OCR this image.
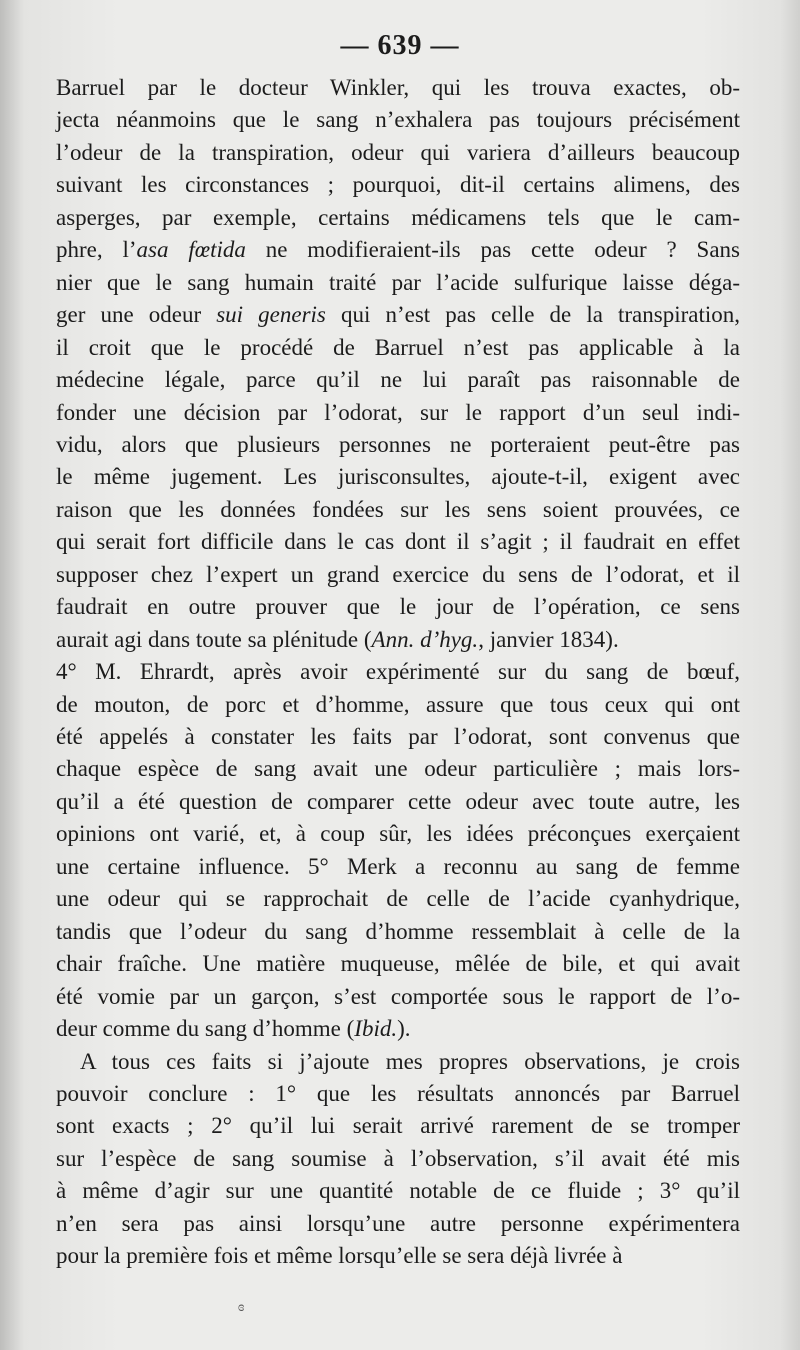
— 639 —
Barruel par le docteur Winkler, qui les trouva exactes, ob-
jecta néanmoins que le sang n’exhalera pas toujours précisément
l’odeur de la transpiration, odeur qui variera d’ailleurs beaucoup
suivant les circonstances ; pourquoi, dit-il certains alimens, des
asperges, par exemple, certains médicamens tels que le cam-
phre, l’asa fœtida ne modifieraient-ils pas cette odeur ? Sans
nier que le sang humain traité par l’acide sulfurique laisse déga-
ger une odeur sui generis qui n’est pas celle de la transpiration,
il croit que le procédé de Barruel n’est pas applicable à la
médecine légale, parce qu’il ne lui paraît pas raisonnable de
fonder une décision par l’odorat, sur le rapport d’un seul indi-
vidu, alors que plusieurs personnes ne porteraient peut-être pas
le même jugement. Les jurisconsultes, ajoute-t-il, exigent avec
raison que les données fondées sur les sens soient prouvées, ce
qui serait fort difficile dans le cas dont il s’agit ; il faudrait en effet
supposer chez l’expert un grand exercice du sens de l’odorat, et il
faudrait en outre prouver que le jour de l’opération, ce sens
aurait agi dans toute sa plénitude (Ann. d’hyg., janvier 1834).
4° M. Ehrardt, après avoir expérimenté sur du sang de bœuf,
de mouton, de porc et d’homme, assure que tous ceux qui ont
été appelés à constater les faits par l’odorat, sont convenus que
chaque espèce de sang avait une odeur particulière ; mais lors-
qu’il a été question de comparer cette odeur avec toute autre, les
opinions ont varié, et, à coup sûr, les idées préconçues exerçaient
une certaine influence. 5° Merk a reconnu au sang de femme
une odeur qui se rapprochait de celle de l’acide cyanhydrique,
tandis que l’odeur du sang d’homme ressemblait à celle de la
chair fraîche. Une matière muqueuse, mêlée de bile, et qui avait
été vomie par un garçon, s’est comportée sous le rapport de l’o-
deur comme du sang d’homme (Ibid.).
A tous ces faits si j’ajoute mes propres observations, je crois
pouvoir conclure : 1° que les résultats annoncés par Barruel
sont exacts ; 2° qu’il lui serait arrivé rarement de se tromper
sur l’espèce de sang soumise à l’observation, s’il avait été mis
à même d’agir sur une quantité notable de ce fluide ; 3° qu’il
n’en sera pas ainsi lorsqu’une autre personne expérimentera
pour la première fois et même lorsqu’elle se sera déjà livrée à
ɞ
